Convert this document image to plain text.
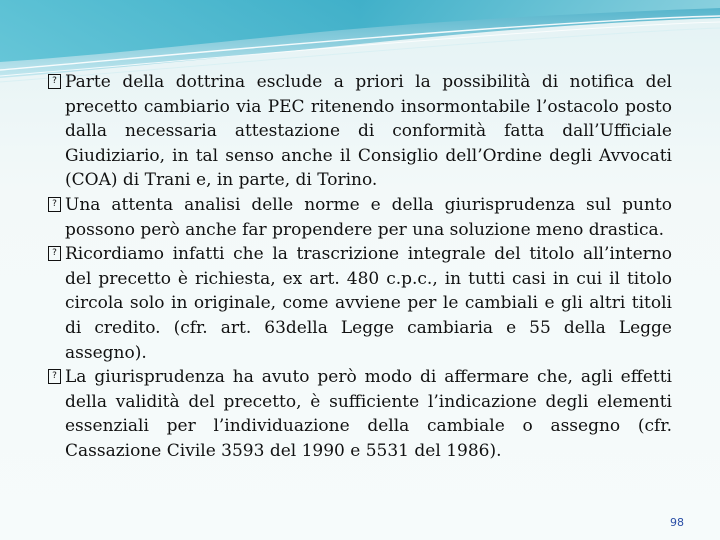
? Parte della dottrina esclude a priori la possibilità di notifica del precetto cambiario via PEC ritenendo insormontabile l’ostacolo posto dalla necessaria attestazione di conformità fatta dall’Ufficiale Giudiziario, in tal senso anche il Consiglio dell’Ordine degli Avvocati (COA) di Trani e, in parte, di Torino.

? Una attenta analisi delle norme e della giurisprudenza sul punto possono però anche far propendere per una soluzione meno drastica.

? Ricordiamo infatti che la trascrizione integrale del titolo all’interno del precetto è richiesta, ex art. 480 c.p.c., in tutti casi in cui il titolo circola solo in originale, come avviene per le cambiali e gli altri titoli di credito. (cfr. art. 63della Legge cambiaria e 55 della Legge assegno).

? La giurisprudenza ha avuto però modo di affermare che, agli effetti della validità del precetto, è sufficiente l’indicazione degli elementi essenziali per l’individuazione della cambiale o assegno (cfr. Cassazione Civile 3593 del 1990 e 5531 del 1986).

98
